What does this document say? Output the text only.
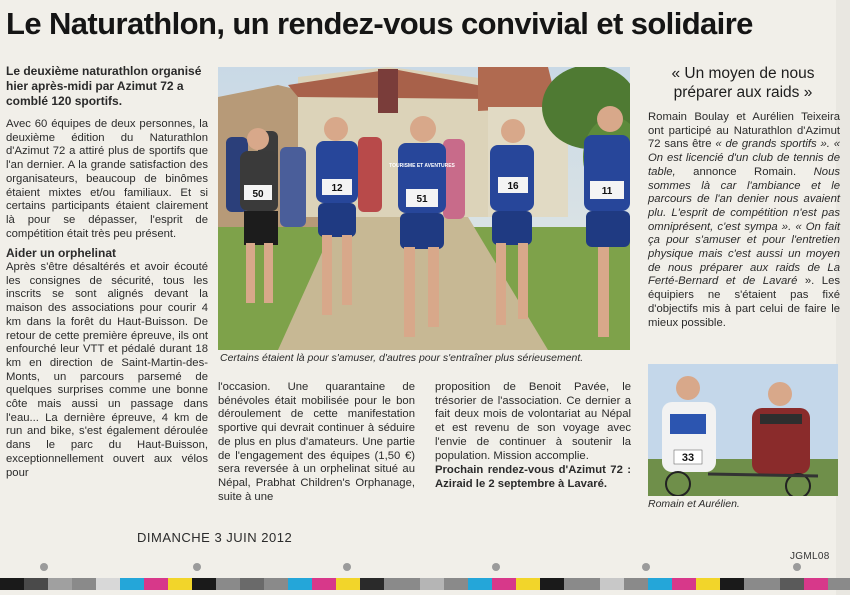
Le Naturathlon, un rendez-vous convivial et solidaire
Le deuxième naturathlon organisé hier après-midi par Azimut 72 a comblé 120 sportifs.

Avec 60 équipes de deux personnes, la deuxième édition du Naturathlon d'Azimut 72 a attiré plus de sportifs que l'an dernier. A la grande satisfaction des organisateurs, beaucoup de binômes étaient mixtes et/ou familiaux. Et si certains participants étaient clairement là pour se dépasser, l'esprit de compétition était très peu présent.

Aider un orphelinat

Après s'être désaltérés et avoir écouté les consignes de sécurité, tous les inscrits se sont alignés devant la maison des associations pour courir 4 km dans la forêt du Haut-Buisson. De retour de cette première épreuve, ils ont enfourché leur VTT et pédalé durant 18 km en direction de Saint-Martin-des-Monts, un parcours parsemé de quelques surprises comme une bonne côte mais aussi un passage dans l'eau... La dernière épreuve, 4 km de run and bike, s'est également déroulée dans le parc du Haut-Buisson, exceptionnellement ouvert aux vélos pour

50	51
16
12	11
TOURISME ET AVENTURES
Certains étaient là pour s'amuser, d'autres pour s'entraîner plus sérieusement.

l'occasion. Une quarantaine de bénévoles était mobilisée pour le bon déroulement de cette manifestation sportive qui devrait continuer à séduire de plus en plus d'amateurs. Une partie de l'engagement des équipes (1,50 €) sera reversée à un orphelinat situé au Népal, Prabhat Children's Orphanage, suite à une

proposition de Benoit Pavée, le trésorier de l'association. Ce dernier a fait deux mois de volontariat au Népal et est revenu de son voyage avec l'envie de continuer à soutenir la population. Mission accomplie.

Prochain rendez-vous d'Azimut 72 : Aziraid le 2 septembre à Lavaré.

« Un moyen de nous préparer aux raids »

Romain Boulay et Aurélien Teixeira ont participé au Naturathlon d'Azimut 72 sans être « de grands sportifs ». « On est licencié d'un club de tennis de table, annonce Romain. Nous sommes là car l'ambiance et le parcours de l'an denier nous avaient plu. L'esprit de compétition n'est pas omniprésent, c'est sympa ». « On fait ça pour s'amuser et pour l'entretien physique mais c'est aussi un moyen de nous préparer aux raids de La Ferté-Bernard et de Lavaré ». Les équipiers ne s'étaient pas fixé d'objectifs mis à part celui de faire le mieux possible.

33
Romain et Aurélien.
DIMANCHE 3 JUIN 2012
JGML08
